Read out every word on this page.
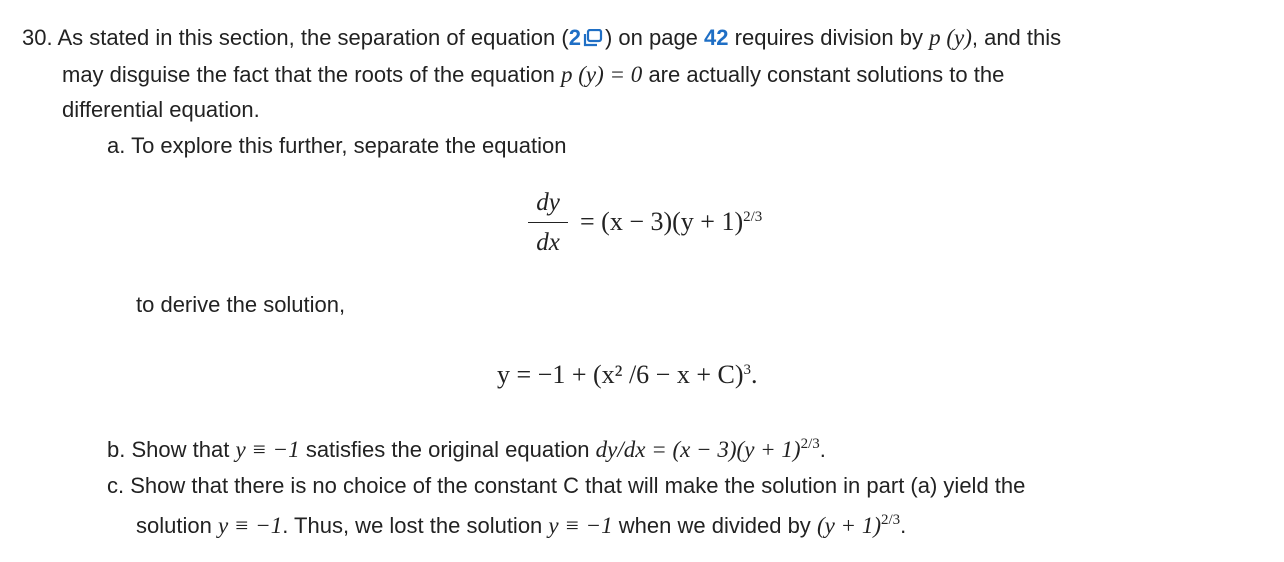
30. As stated in this section, the separation of equation (2 ) on page 42 requires division by p (y), and this
may disguise the fact that the roots of the equation p (y) = 0 are actually constant solutions to the
differential equation.
a. To explore this further, separate the equation
dy
dx
= $(x - 3)(y + 1)^{2/3}$
to derive the solution,
y = −1 + (x² /6 − x + C)$^3$.
b. Show that y ≡ −1 satisfies the original equation $dy/dx = (x - 3)(y + 1)^{2/3}$.
c. Show that there is no choice of the constant C that will make the solution in part (a) yield the
solution y ≡ −1. Thus, we lost the solution y ≡ −1 when we divided by $(y + 1)^{2/3}$.
